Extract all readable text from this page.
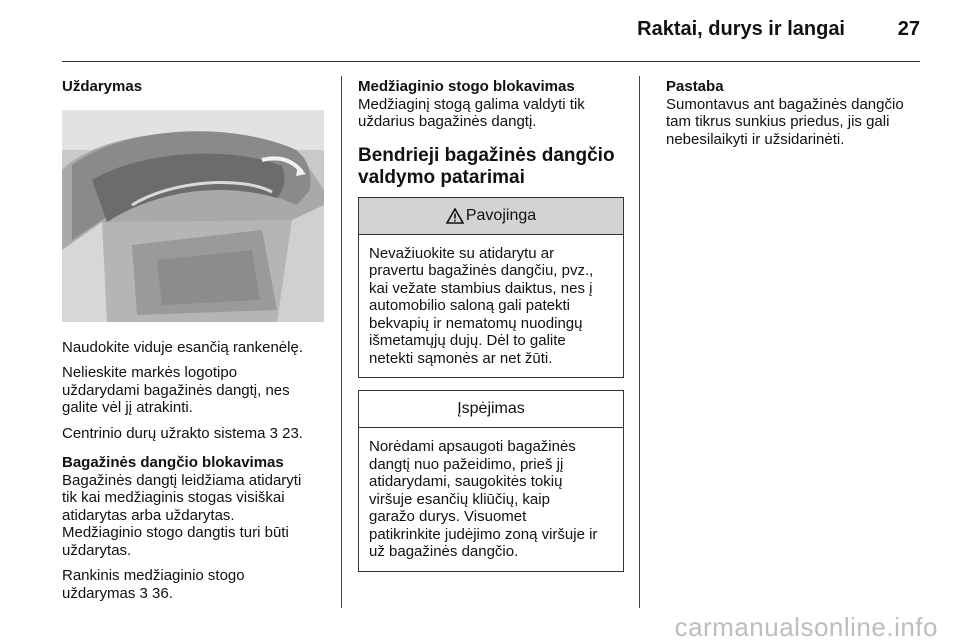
Raktai, durys ir langai	27

Uždarymas

Naudokite viduje esančią rankenėlę.

Nelieskite markės logotipo
uždarydami bagažinės dangtį, nes
galite vėl jį atrakinti.

Centrinio durų užrakto sistema 3 23.

Bagažinės dangčio blokavimas

Bagažinės dangtį leidžiama atidaryti
tik kai medžiaginis stogas visiškai
atidarytas arba uždarytas.
Medžiaginio stogo dangtis turi būti
uždarytas.

Rankinis medžiaginio stogo
uždarymas 3 36.

Medžiaginio stogo blokavimas

Medžiaginį stogą galima valdyti tik
uždarius bagažinės dangtį.

Bendrieji bagažinės dangčio
valdymo patarimai

Pavojinga
Nevažiuokite su atidarytu ar
pravertu bagažinės dangčiu, pvz.,
kai vežate stambius daiktus, nes į
automobilio saloną gali patekti
bekvapių ir nematomų nuodingų
išmetamųjų dujų. Dėl to galite
netekti sąmonės ar net žūti.
Įspėjimas
Norėdami apsaugoti bagažinės
dangtį nuo pažeidimo, prieš jį
atidarydami, saugokitės tokių
viršuje esančių kliūčių, kaip
garažo durys. Visuomet
patikrinkite judėjimo zoną viršuje ir
už bagažinės dangčio.

Pastaba

Sumontavus ant bagažinės dangčio
tam tikrus sunkius priedus, jis gali
nebesilaikyti ir užsidarinėti.

carmanualsonline.info
